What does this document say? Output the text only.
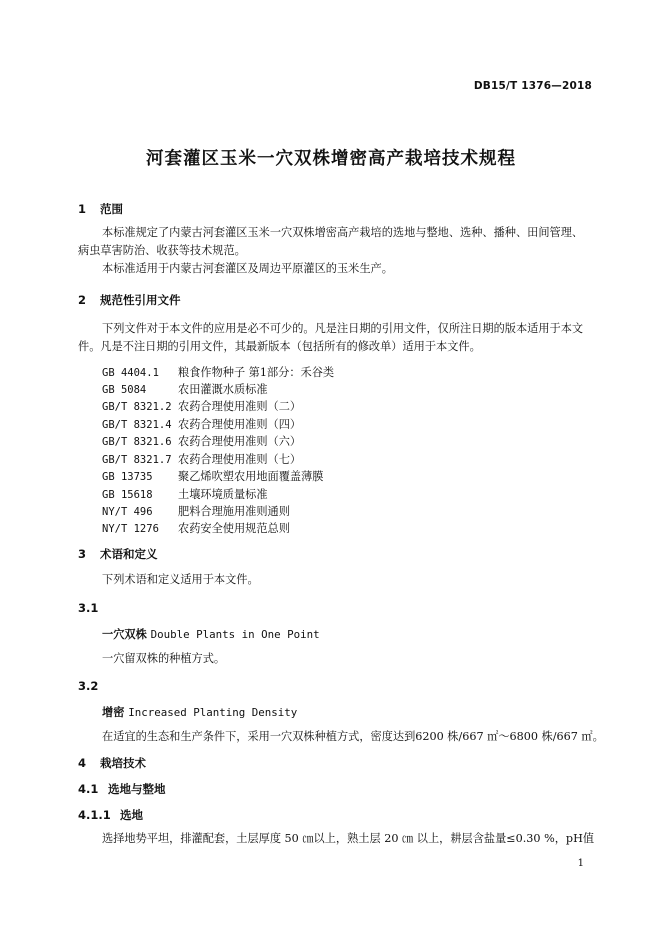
DB15/T 1376—2018
河套灌区玉米一穴双株增密高产栽培技术规程
1 范围
本标准规定了内蒙古河套灌区玉米一穴双株增密高产栽培的选地与整地、选种、播种、田间管理、
病虫草害防治、收获等技术规范。
本标准适用于内蒙古河套灌区及周边平原灌区的玉米生产。
2 规范性引用文件
下列文件对于本文件的应用是必不可少的。凡是注日期的引用文件，仅所注日期的版本适用于本文
件。凡是不注日期的引用文件，其最新版本（包括所有的修改单）适用于本文件。
GB 4404.1 粮食作物种子 第1部分：禾谷类
GB 5084	农田灌溉水质标准
GB/T 8321.2 农药合理使用准则（二）
GB/T 8321.4 农药合理使用准则（四）
GB/T 8321.6 农药合理使用准则（六）
GB/T 8321.7 农药合理使用准则（七）
GB 13735 聚乙烯吹塑农用地面覆盖薄膜
GB 15618 土壤环境质量标准
NY/T 496 肥料合理施用准则通则
NY/T 1276 农药安全使用规范总则
3 术语和定义
下列术语和定义适用于本文件。
3.1
一穴双株 Double Plants in One Point
一穴留双株的种植方式。
3.2
增密 Increased Planting Density
在适宜的生态和生产条件下，采用一穴双株种植方式，密度达到6200 株/667 ㎡～6800 株/667 ㎡。
4 栽培技术
4.1 选地与整地
4.1.1 选地
选择地势平坦，排灌配套，土层厚度 50 ㎝以上，熟土层 20 ㎝ 以上，耕层含盐量≤0.30 %，pH值
1
